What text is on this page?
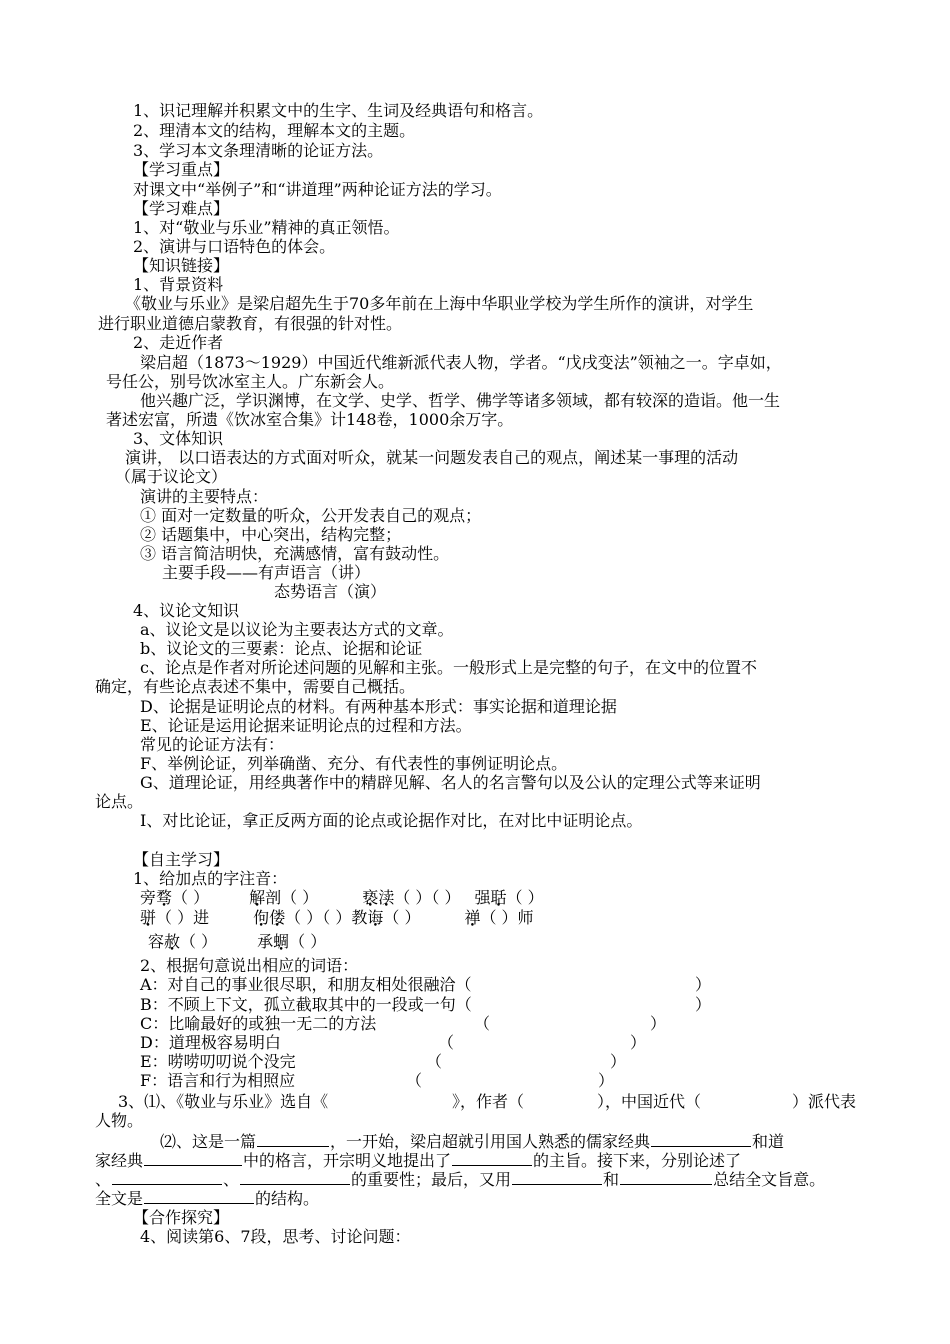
1、识记理解并积累文中的生字、生词及经典语句和格言。
2、理清本文的结构，理解本文的主题。
3、学习本文条理清晰的论证方法。
【学习重点】
对课文中“举例子”和“讲道理”两种论证方法的学习。
【学习难点】
1、对“敬业与乐业”精神的真正领悟。
2、演讲与口语特色的体会。
【知识链接】
1、背景资料
《敬业与乐业》是梁启超先生于70多年前在上海中华职业学校为学生所作的演讲，对学生
进行职业道德启蒙教育，有很强的针对性。
2、走近作者
梁启超（1873～1929）中国近代维新派代表人物，学者。“戊戌变法”领袖之一。字卓如，
号任公，别号饮冰室主人。广东新会人。
他兴趣广泛，学识渊博，在文学、史学、哲学、佛学等诸多领域，都有较深的造诣。他一生
著述宏富，所遗《饮冰室合集》计148卷，1000余万字。
3、文体知识
演讲， 以口语表达的方式面对听众，就某一问题发表自己的观点，阐述某一事理的活动
（属于议论文）
演讲的主要特点：
① 面对一定数量的听众，公开发表自己的观点；
② 话题集中，中心突出，结构完整；
③ 语言简洁明快，充满感情，富有鼓动性。
主要手段——有声语言（讲）
态势语言（演）
4、议论文知识
a、议论文是以议论为主要表达方式的文章。
b、议论文的三要素：论点、论据和论证
c、论点是作者对所论述问题的见解和主张。一般形式上是完整的句子，在文中的位置不
确定，有些论点表述不集中，需要自己概括。
D、论据是证明论点的材料。有两种基本形式：事实论据和道理论据
E、论证是运用论据来证明论点的过程和方法。
常见的论证方法有：
F、举例论证，列举确凿、充分、有代表性的事例证明论点。
G、道理论证，用经典著作中的精辟见解、名人的名言警句以及公认的定理公式等来证明
论点。
I、对比论证，拿正反两方面的论点或论据作对比，在对比中证明论点。
【自主学习】
1、给加点的字注音：
旁骛（ ）	解剖（ ）	亵渎（ ）（ ） 强聒（ ）
骈（ ）进	佝偻（ ）（ ）教诲（ ）	禅（ ）师
容赦（ ）	承蜩（ ）
2、根据句意说出相应的词语：
A：对自己的事业很尽职，和朋友相处很融洽（	）
B：不顾上下文，孤立截取其中的一段或一句（	）
C：比喻最好的或独一无二的方法	（	）
D：道理极容易明白	（	）
E：唠唠叨叨说个没完	（	）
F：语言和行为相照应	（	）
3、⑴、《敬业与乐业》选自《	》，作者（	），中国近代（	）派代表
人物。
⑵、这是一篇	，一开始，梁启超就引用国人熟悉的儒家经典	和道
家经典	中的格言，开宗明义地提出了	的主旨。接下来，分别论述了
、	、	的重要性；最后，又用	和	总结全文旨意。
全文是	的结构。
【合作探究】
4、阅读第6、7段，思考、讨论问题：
